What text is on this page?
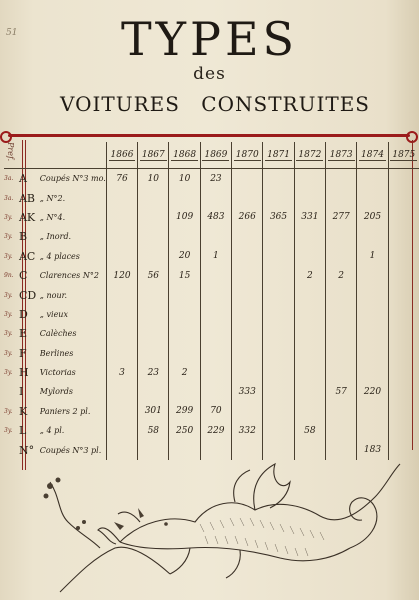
51	TYPES
des
VOITURES CONSTRUITES
Pref.			1866	1867	1868	1869	1870	1871	1872	1873	1874	1875
3a.	A	Coupés N°3 mo.	76	10	10	23						
3a.	AB	„ N°2.										
3y.	AK	„ N°4.			109	483	266	365	331	277	205	
3y.	B	„ Inord.										
3y.	AC	„ 4 places			20	1					1	
9n.	C	Clarences N°2	120	56	15				2	2		
3y.	CD	„ nour.										
3y.	D	„ vieux										
3y.	E	Calèches										
3y.	F	Berlines										
3y.	H	Victorias	3	23	2							
	I	Mylords					333			57	220	
3y.	K	Paniers 2 pl.		301	299	70						
3y.	L	„ 4 pl.		58	250	229	332		58			
	N°	Coupés N°3 pl.									183	
